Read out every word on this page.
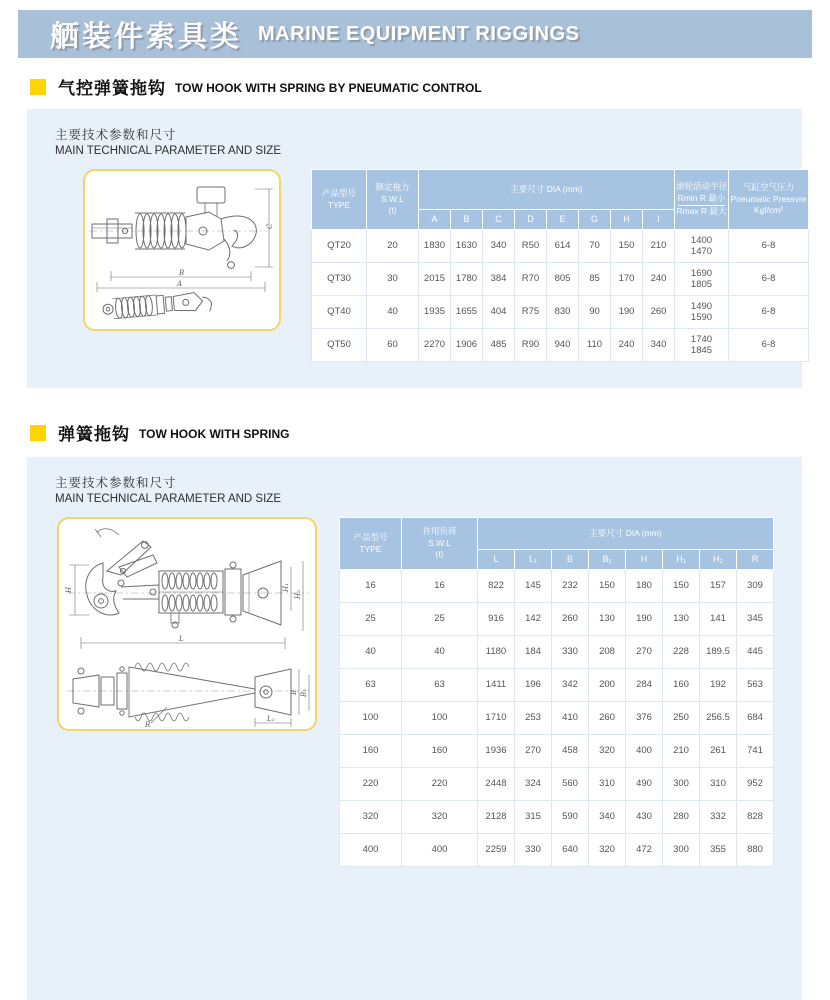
舾装件索具类 MARINE EQUIPMENT RIGGINGS
气控弹簧拖钩 TOW HOOK WITH SPRING BY PNEUMATIC CONTROL
主要技术参数和尺寸
MAIN TECHNICAL PARAMETER AND SIZE
C
B
A
产品型号
TYPE

额定拖力
S.W.L
(t)
	主要尺寸 DIA (mm)	滚轮活动半径
Rmin R 最小
Rmax R 最大

气缸空气压力
Pneumatic Pressvre
Kgf/cm²

		A	B	C	D	E	G	H	I		
QT20	20	1830	1630	340	R50	614	70	150	210	1400
1470	6-8
QT30	30	2015	1780	384	R70	805	85	170	240	1690
1805	6-8
QT40	40	1935	1655	404	R75	830	90	190	260	1490
1590	6-8
QT50	60	2270	1906	485	R90	940	110	240	340	1740
1845	6-8
弹簧拖钩 TOW HOOK WITH SPRING
主要技术参数和尺寸
MAIN TECHNICAL PARAMETER AND SIZE
H	H₁
H₂
L
R
B B₁
L₁
产品型号
TYPE

许用负荷
S.W.L
(t)
	主要尺寸 DIA (mm)
		L	L₁	B	B₁	H	H₁	H₂	R
16	16	822	145	232	150	180	150	157	309
25	25	916	142	260	130	190	130	141	345
40	40	1180	184	330	208	270	228	189.5	445
63	63	1411	196	342	200	284	160	192	563
100	100	1710	253	410	260	376	250	256.5	684
160	160	1936	270	458	320	400	210	261	741
220	220	2448	324	560	310	490	300	310	952
320	320	2128	315	590	340	430	280	332	828
400	400	2259	330	640	320	472	300	355	880
